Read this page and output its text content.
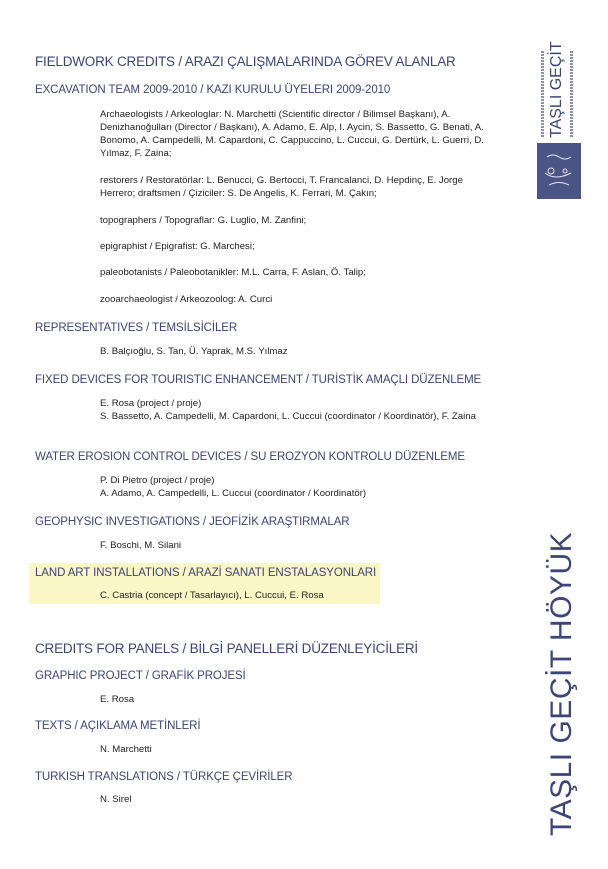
FIELDWORK CREDITS / ARAZI ÇALIŞMALARINDA GÖREV ALANLAR
EXCAVATION TEAM 2009-2010 / KAZI KURULU ÜYELERI 2009-2010
Archaeologists / Arkeologlar: N. Marchetti (Scientific director / Bilimsel Başkanı), A. Denizhanoğulları (Director / Başkanı), A. Adamo, E. Alp, I. Aycin, S. Bassetto, G. Benati, A. Bonomo, A. Campedelli, M. Capardoni, C. Cappuccino, L. Cuccui, G. Dertürk, L. Guerri, D. Yılmaz, F. Zaina;
restorers / Restoratörlar: L. Benucci, G. Bertocci, T. Francalanci, D. Hepdinç, E. Jorge Herrero; draftsmen / Çiziciler: S. De Angelis, K. Ferrari, M. Çakın;
topographers / Topograflar: G. Luglio, M. Zanfini;
epigraphist / Epigrafist: G. Marchesi;
paleobotanists / Paleobotanikler: M.L. Carra, F. Aslan, Ö. Talip;
zooarchaeologist / Arkeozoolog: A. Curci
REPRESENTATIVES / TEMSİLSİCİLER
B. Balçıoğlu, S. Tan, Ü. Yaprak, M.S. Yılmaz
FIXED DEVICES FOR TOURISTIC ENHANCEMENT / TURİSTİK AMAÇLI DÜZENLEME
E. Rosa (project / proje)
S. Bassetto, A. Campedelli, M. Capardoni, L. Cuccui (coordinator / Koordinatör), F. Zaina
WATER EROSION CONTROL DEVICES / SU EROZYON KONTROLU DÜZENLEME
P. Di Pietro (project / proje)
A. Adamo, A. Campedelli, L. Cuccui (coordinator / Koordinatör)
GEOPHYSIC INVESTIGATIONS / JEOFİZİK ARAŞTIRMALAR
F. Boschi, M. Silani
LAND ART INSTALLATIONS / ARAZİ SANATI ENSTALASYONLARI
C. Castria (concept / Tasarlayıcı), L. Cuccui, E. Rosa
CREDITS FOR PANELS / BİLGİ PANELLERİ DÜZENLEYİCİLERİ
GRAPHIC PROJECT / GRAFİK PROJESİ
E. Rosa
TEXTS / AÇIKLAMA METİNLERİ
N. Marchetti
TURKISH TRANSLATIONS / TÜRKÇE ÇEVİRİLER
N. Sirel
TAŞLI GEÇİT
TAŞLI GEÇİT HÖYÜK
